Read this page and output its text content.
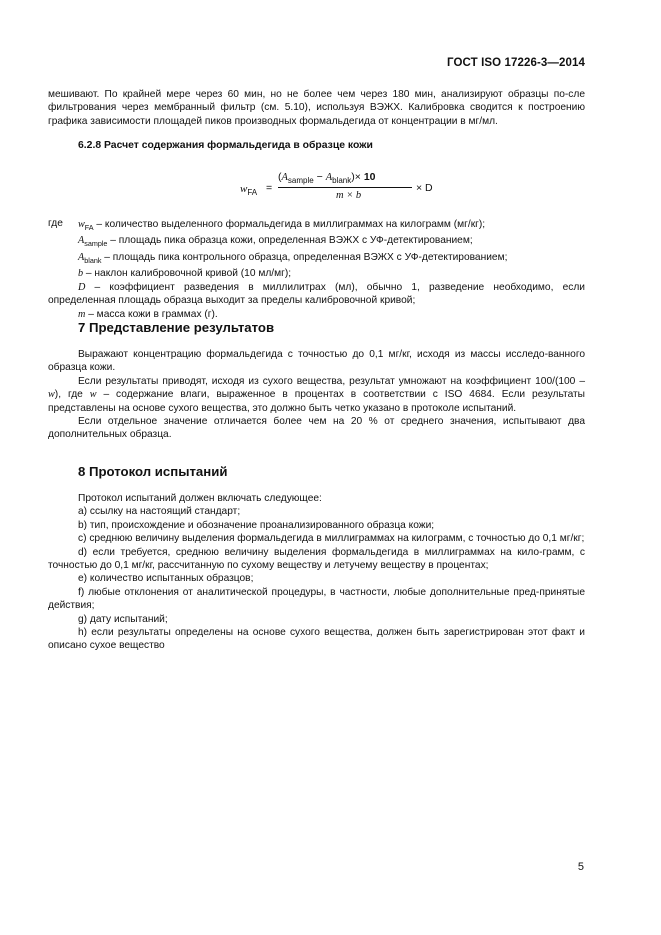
ГОСТ ISO 17226-3—2014

мешивают. По крайней мере через 60 мин, но не более чем через 180 мин, анализируют образцы по-сле фильтрования через мембранный фильтр (см. 5.10), используя ВЭЖХ. Калибровка сводится к построению графика зависимости площадей пиков производных формальдегида от концентрации в мг/мл.

6.2.8 Расчет содержания формальдегида в образце кожи
$w_{FA}$ =
$(A_{sample} - A_{blank})\times 10$
m × b
× D
где	$w_{FA}$ – количество выделенного формальдегида в миллиграммах на килограмм (мг/кг);

$A_{sample}$ – площадь пика образца кожи, определенная ВЭЖХ с УФ-детектированием;

$A_{blank}$ – площадь пика контрольного образца, определенная ВЭЖХ с УФ-детектированием;

b – наклон калибровочной кривой (10 мл/мг);

D – коэффициент разведения в миллилитрах (мл), обычно 1, разведение необходимо, если определенная площадь образца выходит за пределы калибровочной кривой;

m – масса кожи в граммах (г).

7 Представление результатов

Выражают концентрацию формальдегида с точностью до 0,1 мг/кг, исходя из массы исследо-ванного образца кожи.

Если результаты приводят, исходя из сухого вещества, результат умножают на коэффициент 100/(100 – w), где w – содержание влаги, выраженное в процентах в соответствии с ISO 4684. Если результаты представлены на основе сухого вещества, это должно быть четко указано в протоколе испытаний.

Если отдельное значение отличается более чем на 20 % от среднего значения, испытывают два дополнительных образца.

8 Протокол испытаний

Протокол испытаний должен включать следующее:

a) ссылку на настоящий стандарт;

b) тип, происхождение и обозначение проанализированного образца кожи;

c) среднюю величину выделения формальдегида в миллиграммах на килограмм, с точностью до 0,1 мг/кг;

d) если требуется, среднюю величину выделения формальдегида в миллиграммах на кило-грамм, с точностью до 0,1 мг/кг, рассчитанную по сухому веществу и летучему веществу в процентах;

e) количество испытанных образцов;

f) любые отклонения от аналитической процедуры, в частности, любые дополнительные пред-принятые действия;

g) дату испытаний;

h) если результаты определены на основе сухого вещества, должен быть зарегистрирован этот факт и описано сухое вещество

5
